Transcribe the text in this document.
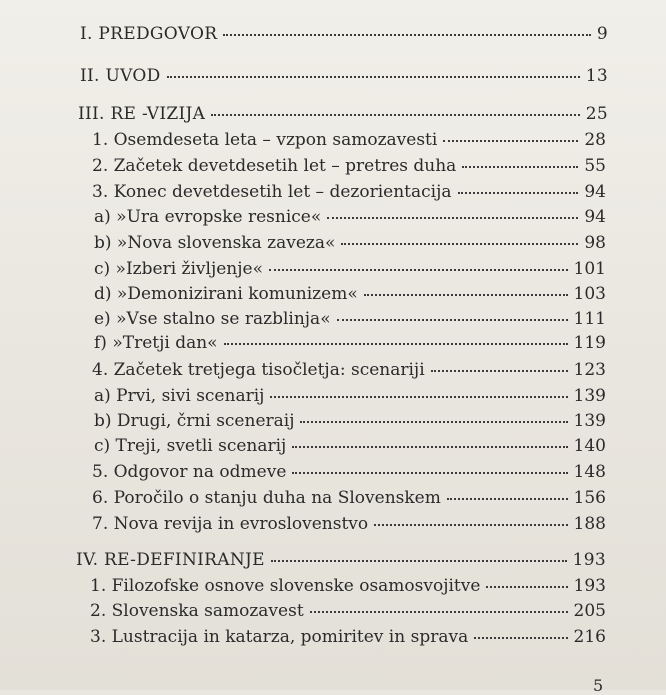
I. PREDGOVOR	9
II. UVOD	13
III. RE -VIZIJA	25
1. Osemdeseta leta – vzpon samozavesti	28
2. Začetek devetdesetih let – pretres duha	55
3. Konec devetdesetih let – dezorientacija	94
a) »Ura evropske resnice«	94
b) »Nova slovenska zaveza«	98
c) »Izberi življenje«	101
d) »Demonizirani komunizem«	103
e) »Vse stalno se razblinja«	111
f) »Tretji dan«	119
4. Začetek tretjega tisočletja: scenariji	123
a) Prvi, sivi scenarij	139
b) Drugi, črni sceneraij	139
c) Treji, svetli scenarij	140
5. Odgovor na odmeve	148
6. Poročilo o stanju duha na Slovenskem	156
7. Nova revija in evroslovenstvo	188
IV. RE-DEFINIRANJE	193
1. Filozofske osnove slovenske osamosvojitve	193
2. Slovenska samozavest	205
3. Lustracija in katarza, pomiritev in sprava	216
5
